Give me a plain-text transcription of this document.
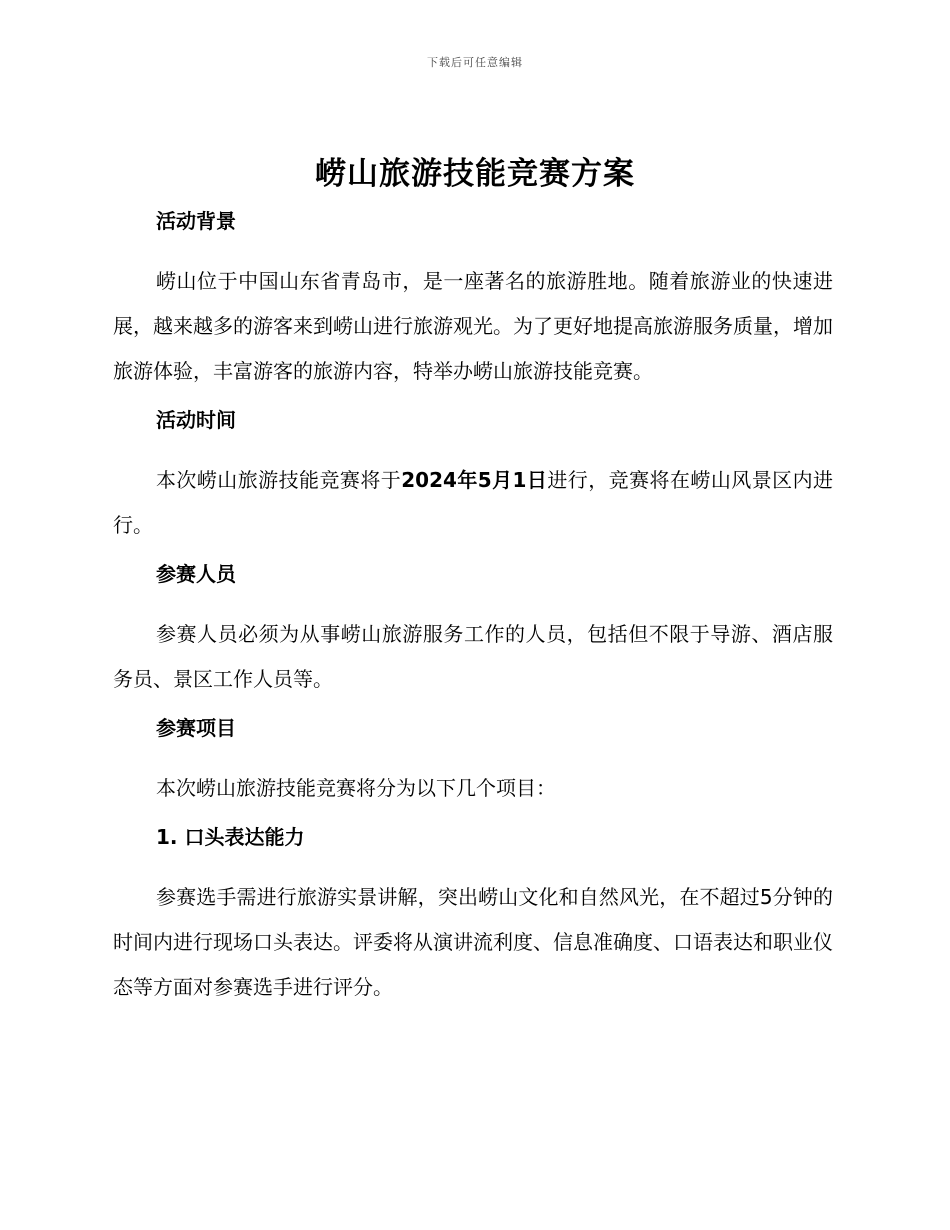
下载后可任意编辑
崂山旅游技能竞赛方案
活动背景

崂山位于中国山东省青岛市，是一座著名的旅游胜地。随着旅游业的快速进展，越来越多的游客来到崂山进行旅游观光。为了更好地提高旅游服务质量，增加旅游体验，丰富游客的旅游内容，特举办崂山旅游技能竞赛。

活动时间

本次崂山旅游技能竞赛将于2024年5月1日进行，竞赛将在崂山风景区内进行。

参赛人员

参赛人员必须为从事崂山旅游服务工作的人员，包括但不限于导游、酒店服务员、景区工作人员等。

参赛项目

本次崂山旅游技能竞赛将分为以下几个项目：

1. 口头表达能力

参赛选手需进行旅游实景讲解，突出崂山文化和自然风光，在不超过5分钟的时间内进行现场口头表达。评委将从演讲流利度、信息准确度、口语表达和职业仪态等方面对参赛选手进行评分。
